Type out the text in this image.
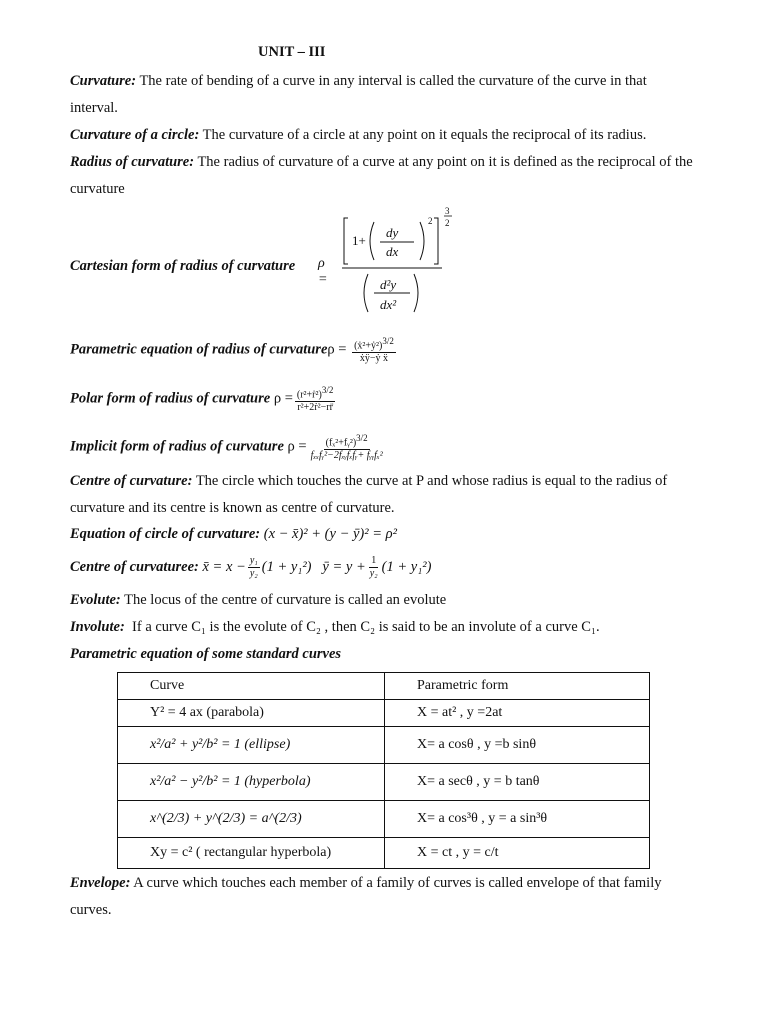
UNIT – III
Curvature: The rate of bending of a curve in any interval is called the curvature of the curve in that
interval.
Curvature of a circle: The curvature of a circle at any point on it equals the reciprocal of its radius.
Radius of curvature: The radius of curvature of a curve at any point on it is defined as the reciprocal of the
curvature
Cartesian form of radius of curvature	ρ =
1+
dy
dx
2
3
2
d²y
dx²
Parametric equation of radius of curvatureρ = $\frac{(ẋ^2+ẏ^2)^{3/2}}{\text{ẋÿ−ẏ ẍ}}$
Polar form of radius of curvature $\rho = \frac{(r^2+ṙ^2)^{3/2}}{\text{r²+2ṙ²−rr̈}}$
Implicit form of radius of curvature $\rho = \frac{(f_x^2+fᵧ^2)^{3/2}}{\text{fₓₓfᵧ²−2fₓᵧfₓfᵧ+ fᵧᵧfₓ²}}$
Centre of curvature: The circle which touches the curve at P and whose radius is equal to the radius of
curvature and its centre is known as centre of curvature.
Equation of circle of curvature: (x − x̄)² + (y − ȳ)² = ρ²
Centre of curvaturee: x̄ = $x - \frac{\text{y₁}}{\text{y₂}} (1 + y_1^2)$ ȳ = $y + \frac{1}{\text{y₂}} (1 + y_1^2)$
Evolute: The locus of the centre of curvature is called an evolute
Involute: If a curve C₁ is the evolute of C₂ , then C₂ is said to be an involute of a curve C₁.
Parametric equation of some standard curves
Curve	Parametric form
Y² = 4 ax (parabola)	X = at² , y =2at
x²/a² + y²/b² = 1 (ellipse)	X= a cosθ , y =b sinθ
x²/a² − y²/b² = 1 (hyperbola)	X= a secθ , y = b tanθ
x^(2/3) + y^(2/3) = a^(2/3)	X= a cos³θ , y = a sin³θ
Xy = c² ( rectangular hyperbola)	X = ct , y = c/t
Envelope: A curve which touches each member of a family of curves is called envelope of that family
curves.
